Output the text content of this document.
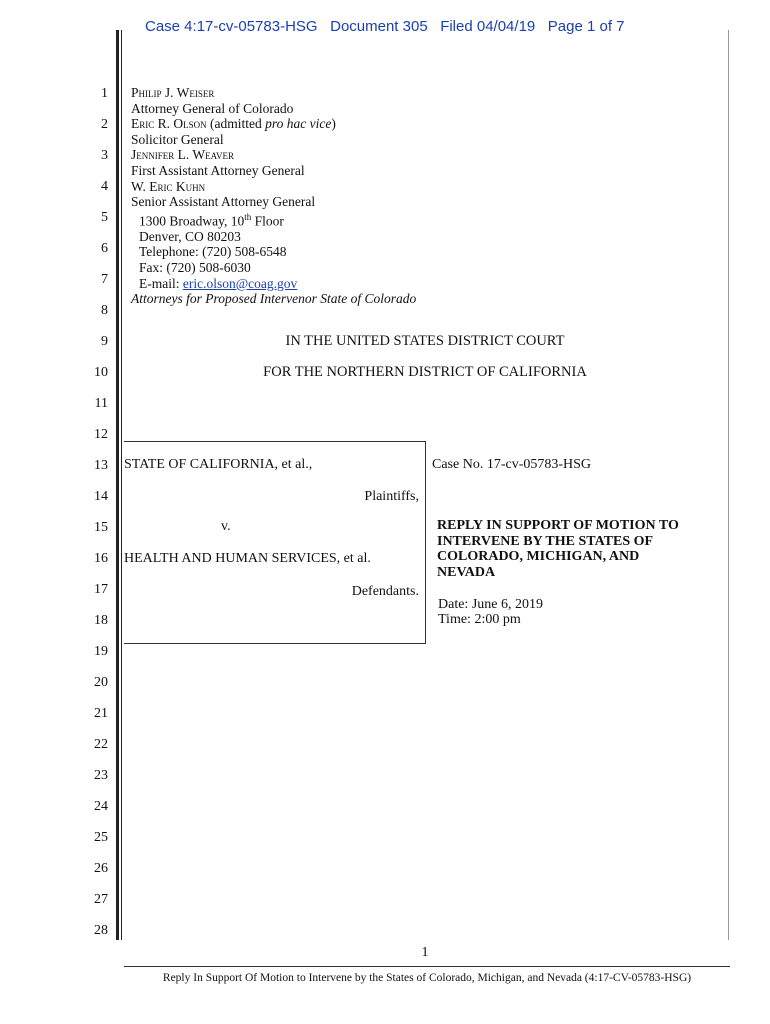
Case 4:17-cv-05783-HSG Document 305 Filed 04/04/19 Page 1 of 7
1
2
3
4
5
6
7
8
9
10
11
12
13
14
15
16
17
18
19
20
21
22
23
24
25
26
27
28
Philip J. Weiser
Attorney General of Colorado
Eric R. Olson (admitted pro hac vice)
Solicitor General
Jennifer L. Weaver
First Assistant Attorney General
W. Eric Kuhn
Senior Assistant Attorney General
1300 Broadway, 10th Floor
Denver, CO 80203
Telephone: (720) 508-6548
Fax: (720) 508-6030
E-mail: eric.olson@coag.gov
Attorneys for Proposed Intervenor State of Colorado
IN THE UNITED STATES DISTRICT COURT
FOR THE NORTHERN DISTRICT OF CALIFORNIA
STATE OF CALIFORNIA, et al.,
Plaintiffs,
v.
HEALTH AND HUMAN SERVICES, et al.
Defendants.
Case No. 17-cv-05783-HSG
REPLY IN SUPPORT OF MOTION TO
INTERVENE BY THE STATES OF
COLORADO, MICHIGAN, AND
NEVADA
Date: June 6, 2019
Time: 2:00 pm
1
Reply In Support Of Motion to Intervene by the States of Colorado, Michigan, and Nevada (4:17-CV-05783-HSG)
